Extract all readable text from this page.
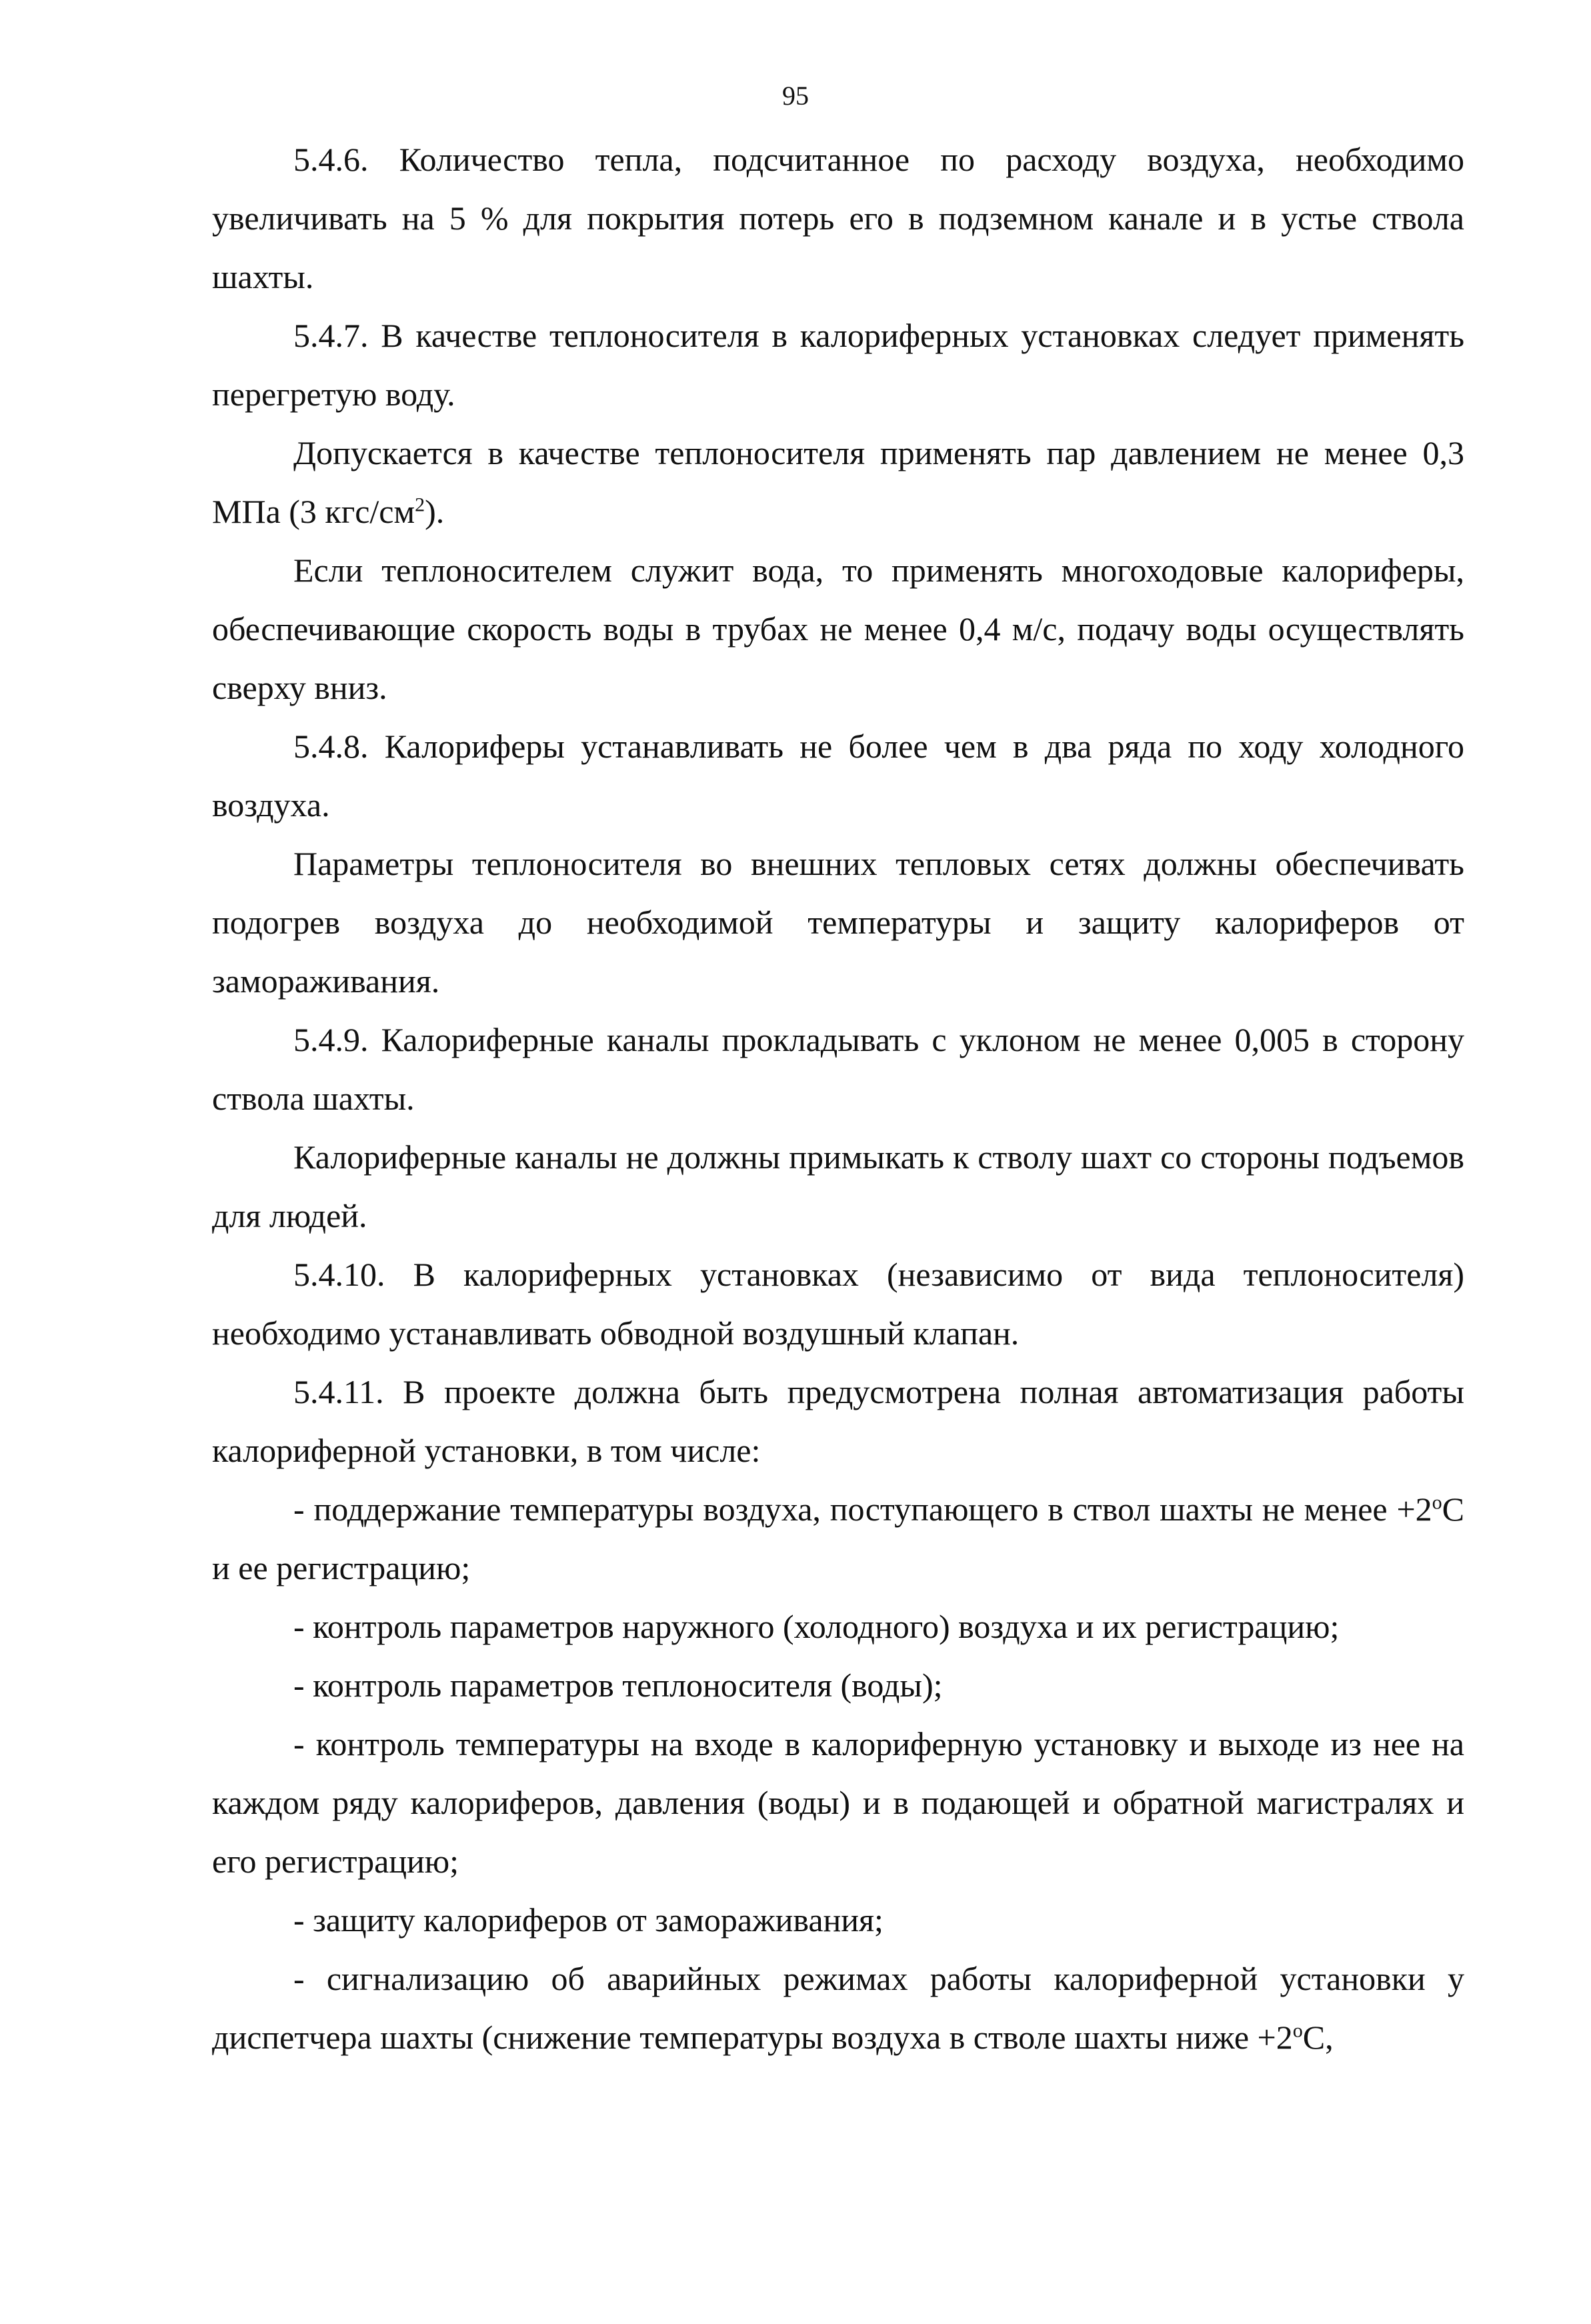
95

5.4.6. Количество тепла, подсчитанное по расходу воздуха, необходимо увеличивать на 5 % для покрытия потерь его в подземном канале и в устье ствола шахты.

5.4.7. В качестве теплоносителя в калориферных установках следует применять перегретую воду.

Допускается в качестве теплоносителя применять пар давлением не менее 0,3 МПа (3 кгс/$см^2$).

Если теплоносителем служит вода, то применять многоходовые калориферы, обеспечивающие скорость воды в трубах не менее 0,4 м/с, подачу воды осуществлять сверху вниз.

5.4.8. Калориферы устанавливать не более чем в два ряда по ходу холодного воздуха.

Параметры теплоносителя во внешних тепловых сетях должны обеспечивать подогрев воздуха до необходимой температуры и защиту калориферов от замораживания.

5.4.9. Калориферные каналы прокладывать с уклоном не менее 0,005 в сторону ствола шахты.

Калориферные каналы не должны примыкать к стволу шахт со стороны подъемов для людей.

5.4.10. В калориферных установках (независимо от вида теплоносителя) необходимо устанавливать обводной воздушный клапан.

5.4.11. В проекте должна быть предусмотрена полная автоматизация работы калориферной установки, в том числе:

- поддержание температуры воздуха, поступающего в ствол шахты не менее $+2^oС$ и ее регистрацию;

- контроль параметров наружного (холодного) воздуха и их регистрацию;

- контроль параметров теплоносителя (воды);

- контроль температуры на входе в калориферную установку и выходе из нее на каждом ряду калориферов, давления (воды) и в подающей и обратной магистралях и его регистрацию;

- защиту калориферов от замораживания;

- сигнализацию об аварийных режимах работы калориферной установки у диспетчера шахты (снижение температуры воздуха в стволе шахты ниже $+2^oС$,
